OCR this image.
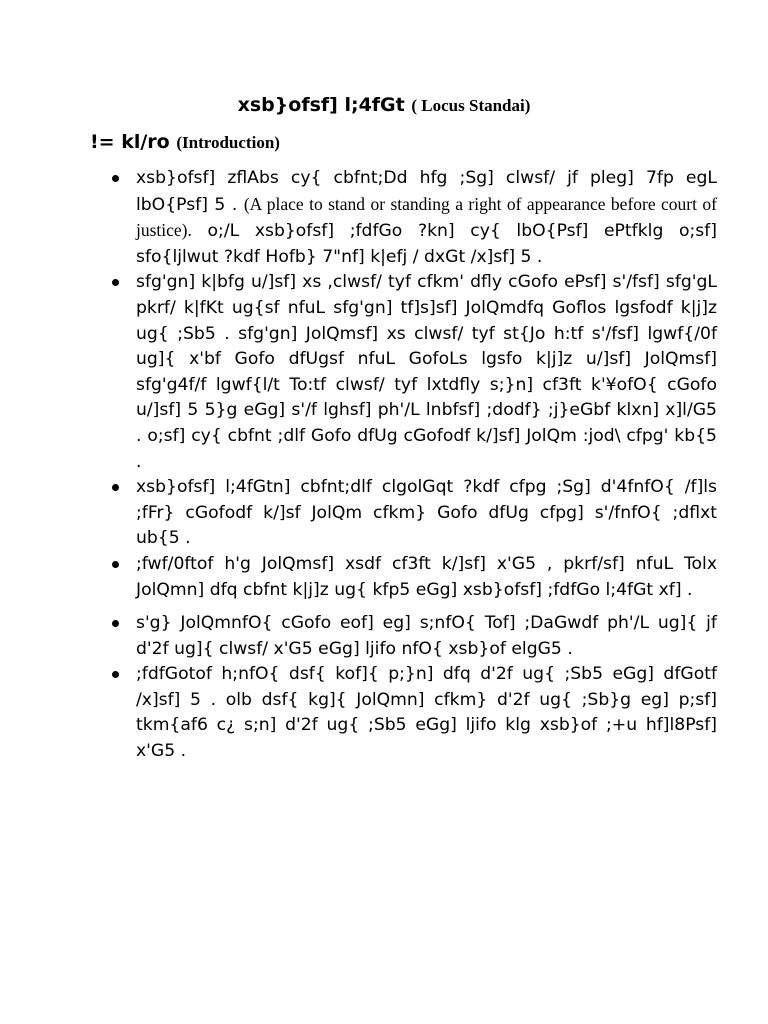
xsb}ofsf] l;4fGt ( Locus Standai)
!= kl/ro (Introduction)
xsb}ofsf] zflAbs cy{ cbfnt;Dd hfg ;Sg] clwsf/ jf pleg] 7fp egL lbO{Psf] 5 . (A place to stand or standing a right of appearance before court of justice). o;/L xsb}ofsf] ;fdfGo ?kn] cy{ lbO{Psf] ePtfklg o;sf] sfo{ljlwut ?kdf Hofb} 7"nf] k|efj / dxGt /x]sf] 5 .
sfg'gn] k|bfg u/]sf] xs ,clwsf/ tyf cfkm' dfly cGofo ePsf] s'/fsf] sfg'gL pkrf/ k|fKt ug{sf nfuL sfg'gn] tf]s]sf] JolQmdfq Goflos lgsfodf k|j]z ug{ ;Sb5 . sfg'gn] JolQmsf] xs clwsf/ tyf st{Jo h:tf s'/fsf] lgwf{/0f ug]{ x'bf Gofo dfUgsf nfuL GofoLs lgsfo k|j]z u/]sf] JolQmsf] sfg'g4f/f lgwf{l/t To:tf clwsf/ tyf lxtdfly s;}n] cf3ft k'¥ofO{ cGofo u/]sf] 5 5}g eGg] s'/f lghsf] ph'/L lnbfsf] ;dodf} ;j}eGbf klxn] x]l/G5 . o;sf] cy{ cbfnt ;dlf Gofo dfUg cGofodf k/]sf] JolQm :jod\ cfpg' kb{5 .
xsb}ofsf] l;4fGtn] cbfnt;dlf clgolGqt ?kdf cfpg ;Sg] d'4fnfO{ /f]ls ;fFr} cGofodf k/]sf JolQm cfkm} Gofo dfUg cfpg] s'/fnfO{ ;dflxt ub{5 .
;fwf/0ftof h'g JolQmsf] xsdf cf3ft k/]sf] x'G5 , pkrf/sf] nfuL Tolx JolQmn] dfq cbfnt k|j]z ug{ kfp5 eGg] xsb}ofsf] ;fdfGo l;4fGt xf] .
s'g} JolQmnfO{ cGofo eof] eg] s;nfO{ Tof] ;DaGwdf ph'/L ug]{ jf d'2f ug]{ clwsf/ x'G5 eGg] ljifo nfO{ xsb}of elgG5 .
;fdfGotof h;nfO{ dsf{ kof]{ p;}n] dfq d'2f ug{ ;Sb5 eGg] dfGotf /x]sf] 5 . olb dsf{ kg]{ JolQmn] cfkm} d'2f ug{ ;Sb}g eg] p;sf] tkm{af6 c¿ s;n] d'2f ug{ ;Sb5 eGg] ljifo klg xsb}of ;+u hf]l8Psf] x'G5 .
